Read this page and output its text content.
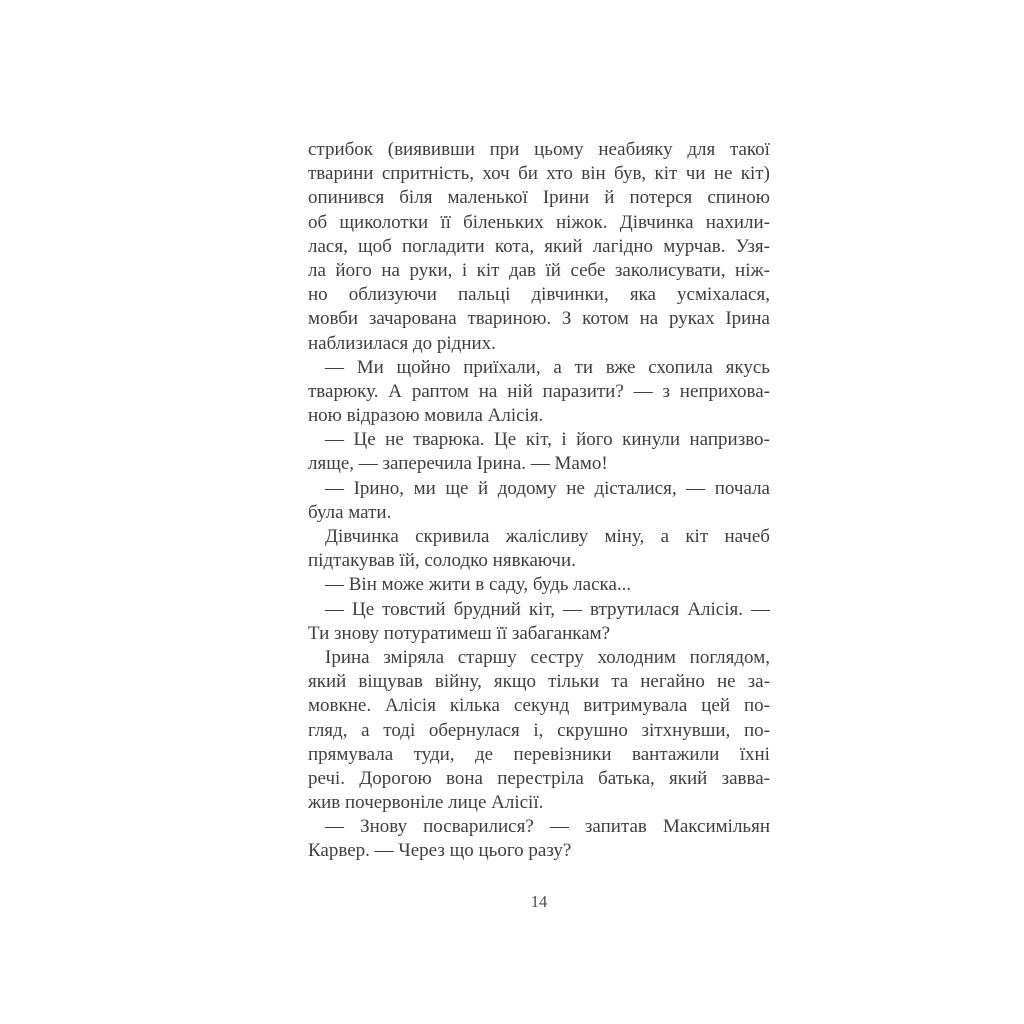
стрибок (виявивши при цьому неабияку для такої
тварини спритність, хоч би хто він був, кіт чи не кіт)
опинився біля маленької Ірини й потерся спиною
об щиколотки її біленьких ніжок. Дівчинка нахили-
лася, щоб погладити кота, який лагідно мурчав. Узя-
ла його на руки, і кіт дав їй себе заколисувати, ніж-
но облизуючи пальці дівчинки, яка усміхалася,
мовби зачарована твариною. З котом на руках Ірина
наблизилася до рідних.
— Ми щойно приїхали, а ти вже схопила якусь
тварюку. А раптом на ній паразити? — з неприхова-
ною відразою мовила Алісія.
— Це не тварюка. Це кіт, і його кинули напризво-
ляще, — заперечила Ірина. — Мамо!
— Ірино, ми ще й додому не дісталися, — почала
була мати.
Дівчинка скривила жалісливу міну, а кіт начеб
підтакував їй, солодко нявкаючи.
— Він може жити в саду, будь ласка...
— Це товстий брудний кіт, — втрутилася Алісія. —
Ти знову потуратимеш її забаганкам?
Ірина зміряла старшу сестру холодним поглядом,
який віщував війну, якщо тільки та негайно не за-
мовкне. Алісія кілька секунд витримувала цей по-
гляд, а тоді обернулася і, скрушно зітхнувши, по-
прямувала туди, де перевізники вантажили їхні
речі. Дорогою вона перестріла батька, який завва-
жив почервоніле лице Алісії.
— Знову посварилися? — запитав Максимільян
Карвер. — Через що цього разу?
14
